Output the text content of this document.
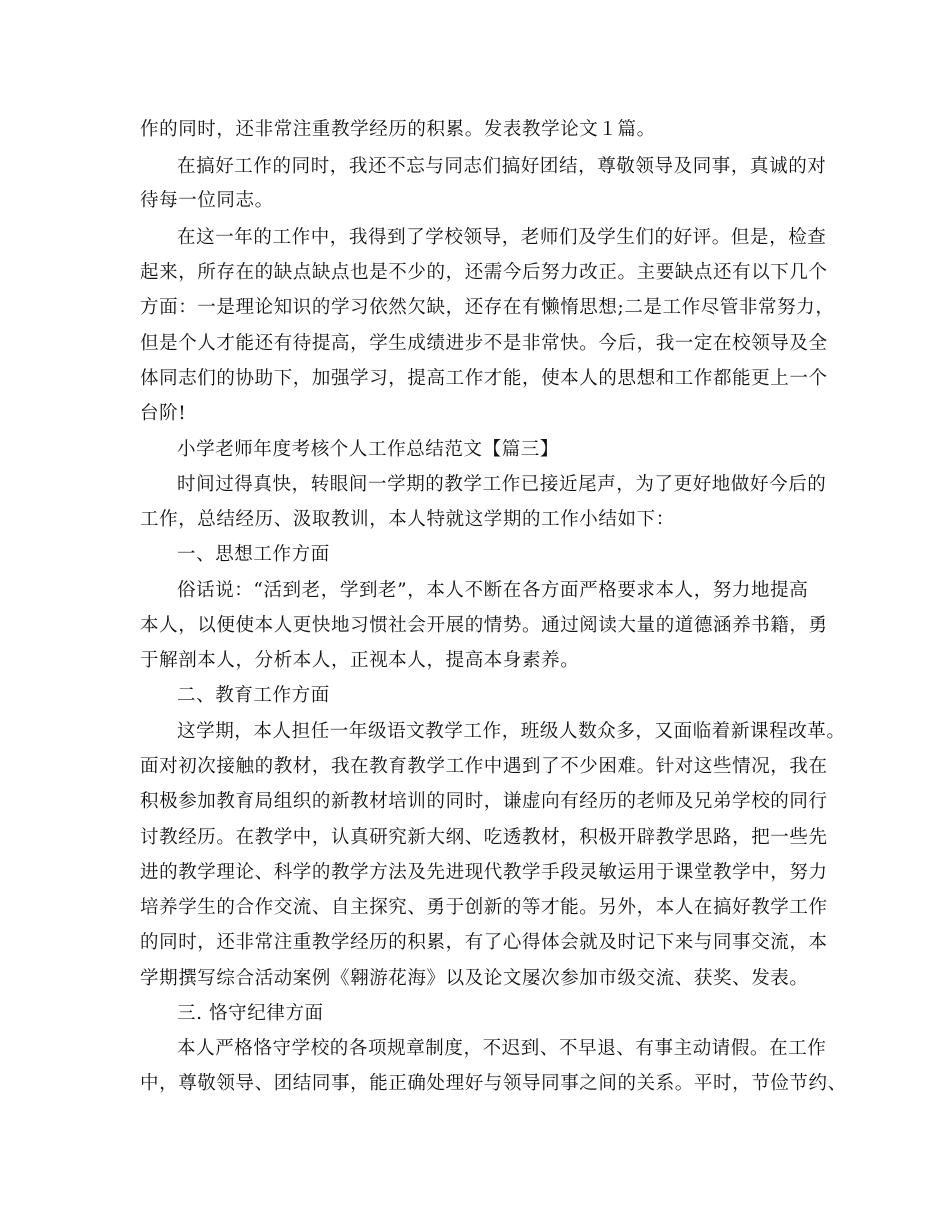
作的同时，还非常注重教学经历的积累。发表教学论文１篇。
在搞好工作的同时，我还不忘与同志们搞好团结，尊敬领导及同事，真诚的对
待每一位同志。
在这一年的工作中，我得到了学校领导，老师们及学生们的好评。但是，检查
起来，所存在的缺点缺点也是不少的，还需今后努力改正。主要缺点还有以下几个
方面：一是理论知识的学习依然欠缺，还存在有懒惰思想;二是工作尽管非常努力，
但是个人才能还有待提高，学生成绩进步不是非常快。今后，我一定在校领导及全
体同志们的协助下，加强学习，提高工作才能，使本人的思想和工作都能更上一个
台阶!
小学老师年度考核个人工作总结范文【篇三】
时间过得真快，转眼间一学期的教学工作已接近尾声，为了更好地做好今后的
工作，总结经历、汲取教训，本人特就这学期的工作小结如下：
一、思想工作方面
俗话说：“活到老，学到老”，本人不断在各方面严格要求本人，努力地提高
本人，以便使本人更快地习惯社会开展的情势。通过阅读大量的道德涵养书籍，勇
于解剖本人，分析本人，正视本人，提高本身素养。
二、教育工作方面
这学期，本人担任一年级语文教学工作，班级人数众多，又面临着新课程改革。
面对初次接触的教材，我在教育教学工作中遇到了不少困难。针对这些情况，我在
积极参加教育局组织的新教材培训的同时，谦虚向有经历的老师及兄弟学校的同行
讨教经历。在教学中，认真研究新大纲、吃透教材，积极开辟教学思路，把一些先
进的教学理论、科学的教学方法及先进现代教学手段灵敏运用于课堂教学中，努力
培养学生的合作交流、自主探究、勇于创新的等才能。另外，本人在搞好教学工作
的同时，还非常注重教学经历的积累，有了心得体会就及时记下来与同事交流，本
学期撰写综合活动案例《翱游花海》以及论文屡次参加市级交流、获奖、发表。
三. 恪守纪律方面
本人严格恪守学校的各项规章制度，不迟到、不早退、有事主动请假。在工作
中，尊敬领导、团结同事，能正确处理好与领导同事之间的关系。平时，节俭节约、
